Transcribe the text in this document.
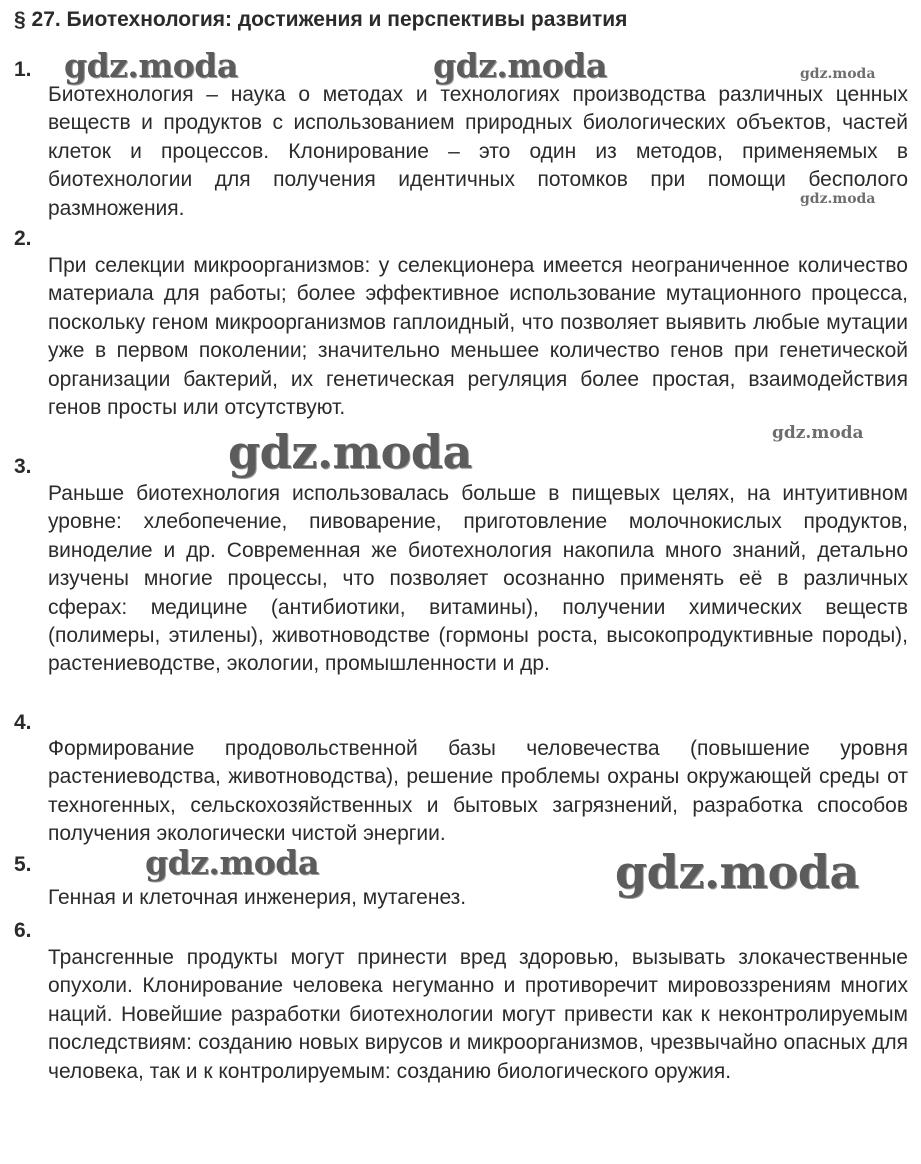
§ 27. Биотехнология: достижения и перспективы развития
1.
Биотехнология – наука о методах и технологиях производства различных ценных веществ и продуктов с использованием природных биологических объектов, частей клеток и процессов. Клонирование – это один из методов, применяемых в биотехнологии для получения идентичных потомков при помощи бесполого размножения.
2.
При селекции микроорганизмов: у селекционера имеется неограниченное количество материала для работы; более эффективное использование мутационного процесса, поскольку геном микроорганизмов гаплоидный, что позволяет выявить любые мутации уже в первом поколении; значительно меньшее количество генов при генетической организации бактерий, их генетическая регуляция более простая, взаимодействия генов просты или отсутствуют.
3.
Раньше биотехнология использовалась больше в пищевых целях, на интуитивном уровне: хлебопечение, пивоварение, приготовление молочнокислых продуктов, виноделие и др. Современная же биотехнология накопила много знаний, детально изучены многие процессы, что позволяет осознанно применять её в различных сферах: медицине (антибиотики, витамины), получении химических веществ (полимеры, этилены), животноводстве (гормоны роста, высокопродуктивные породы), растениеводстве, экологии, промышленности и др.
4.
Формирование продовольственной базы человечества (повышение уровня растениеводства, животноводства), решение проблемы охраны окружающей среды от техногенных, сельскохозяйственных и бытовых загрязнений, разработка способов получения экологически чистой энергии.
5.
Генная и клеточная инженерия, мутагенез.
6.
Трансгенные продукты могут принести вред здоровью, вызывать злокачественные опухоли. Клонирование человека негуманно и противоречит мировоззрениям многих наций. Новейшие разработки биотехнологии могут привести как к неконтролируемым последствиям: созданию новых вирусов и микроорганизмов, чрезвычайно опасных для человека, так и к контролируемым: созданию биологического оружия.
gdz.moda	gdz.moda	gdz.moda
gdz.moda
gdz.moda	gdz.moda
gdz.moda	gdz.moda
